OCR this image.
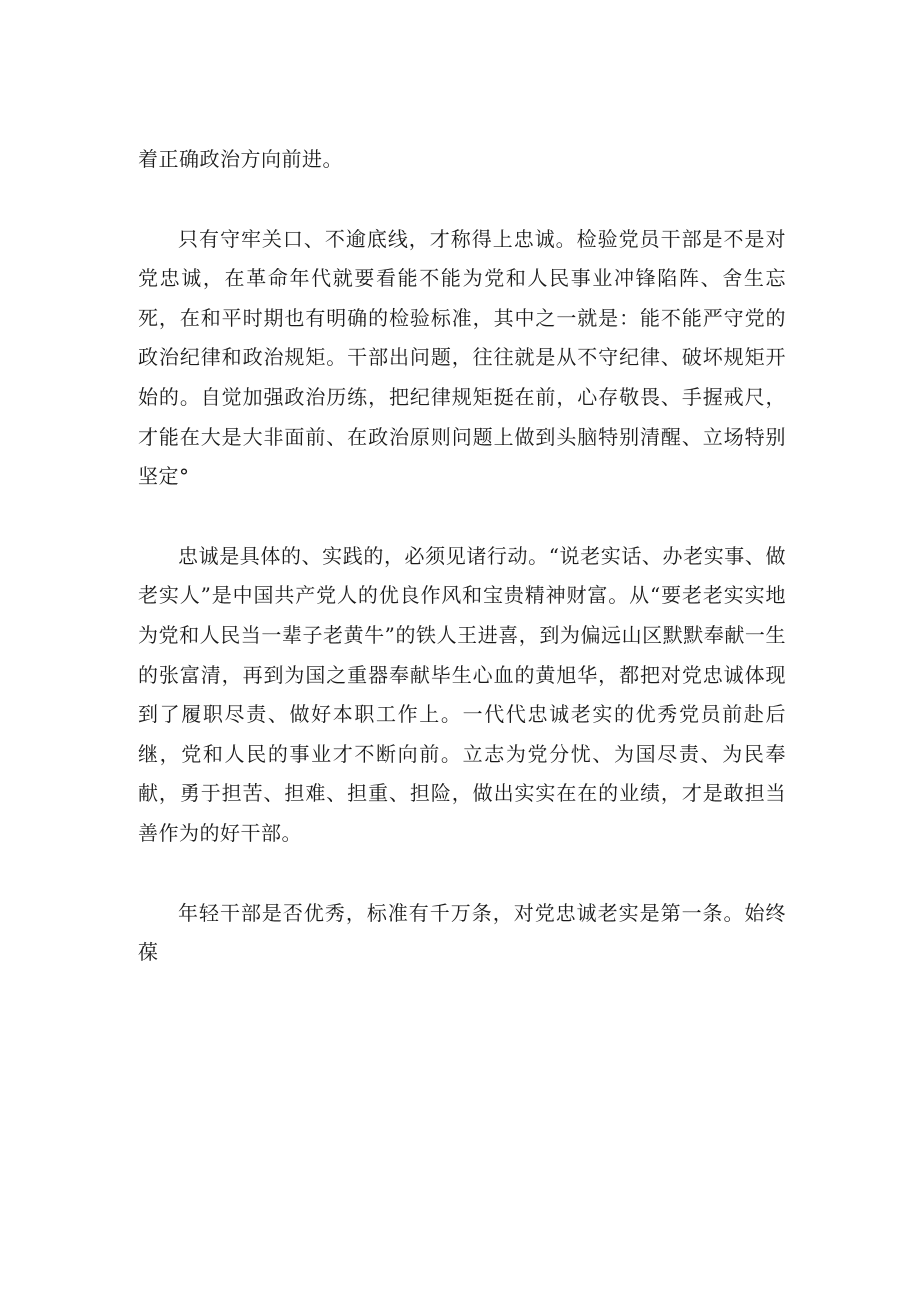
着正确政治方向前进。

只有守牢关口、不逾底线，才称得上忠诚。检验党员干部是不是对党忠诚，在革命年代就要看能不能为党和人民事业冲锋陷阵、舍生忘死，在和平时期也有明确的检验标准，其中之一就是：能不能严守党的政治纪律和政治规矩。干部出问题，往往就是从不守纪律、破坏规矩开始的。自觉加强政治历练，把纪律规矩挺在前，心存敬畏、手握戒尺，才能在大是大非面前、在政治原则问题上做到头脑特别清醒、立场特别坚定°

忠诚是具体的、实践的，必须见诸行动。“说老实话、办老实事、做老实人”是中国共产党人的优良作风和宝贵精神财富。从“要老老实实地为党和人民当一辈子老黄牛”的铁人王进喜，到为偏远山区默默奉献一生的张富清，再到为国之重器奉献毕生心血的黄旭华，都把对党忠诚体现到了履职尽责、做好本职工作上。一代代忠诚老实的优秀党员前赴后继，党和人民的事业才不断向前。立志为党分忧、为国尽责、为民奉献，勇于担苦、担难、担重、担险，做出实实在在的业绩，才是敢担当善作为的好干部。

年轻干部是否优秀，标准有千万条，对党忠诚老实是第一条。始终葆
